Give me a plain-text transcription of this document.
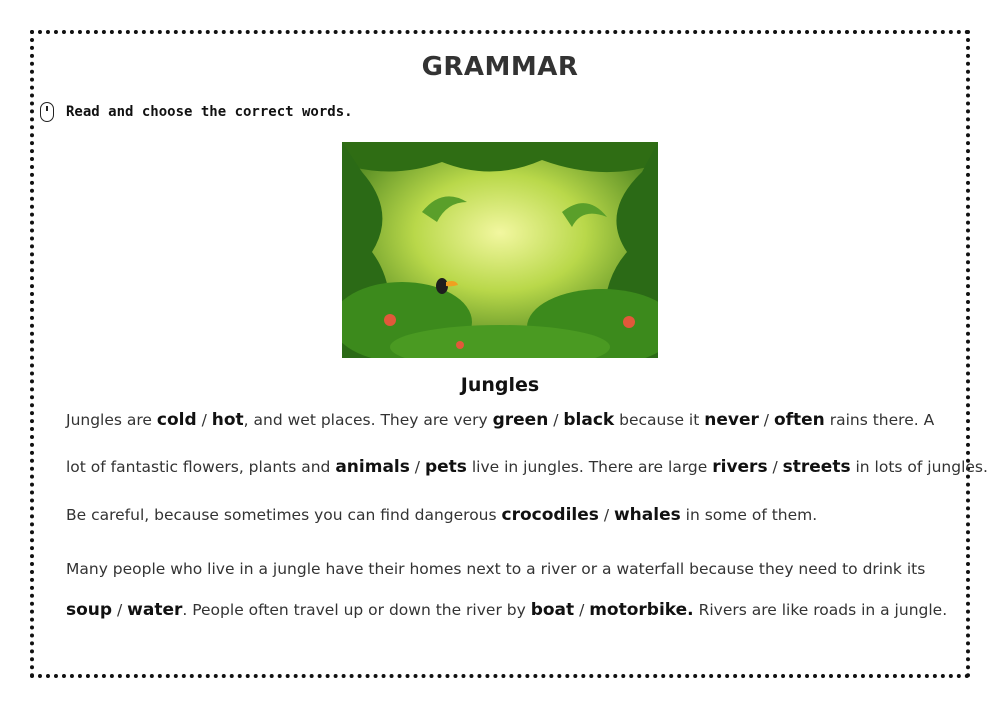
GRAMMAR
Read and choose the correct words.
Jungles
Jungles are cold / hot, and wet places. They are very green / black because it never / often rains there. A
lot of fantastic flowers, plants and animals / pets live in jungles. There are large rivers / streets in lots of jungles.
Be careful, because sometimes you can find dangerous crocodiles / whales in some of them.
Many people who live in a jungle have their homes next to a river or a waterfall because they need to drink its
soup / water. People often travel up or down the river by boat / motorbike. Rivers are like roads in a jungle.
